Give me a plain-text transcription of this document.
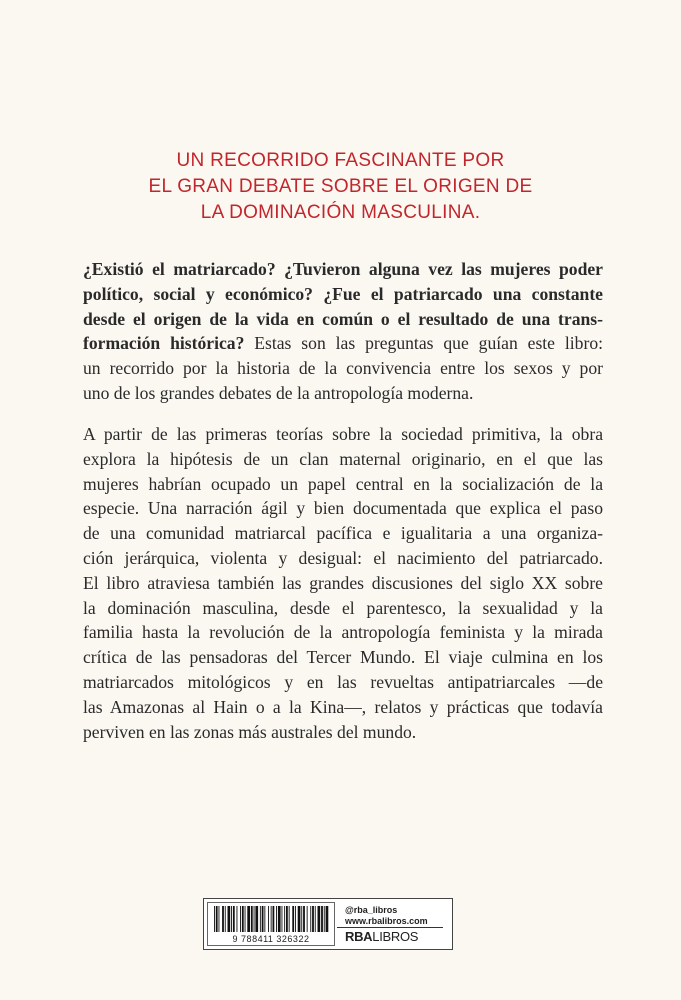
UN RECORRIDO FASCINANTE POR
EL GRAN DEBATE SOBRE EL ORIGEN DE
LA DOMINACIÓN MASCULINA.
¿Existió el matriarcado? ¿Tuvieron alguna vez las mujeres poder
político, social y económico? ¿Fue el patriarcado una constante
desde el origen de la vida en común o el resultado de una trans-
formación histórica? Estas son las preguntas que guían este libro:
un recorrido por la historia de la convivencia entre los sexos y por
uno de los grandes debates de la antropología moderna.
A partir de las primeras teorías sobre la sociedad primitiva, la obra
explora la hipótesis de un clan maternal originario, en el que las
mujeres habrían ocupado un papel central en la socialización de la
especie. Una narración ágil y bien documentada que explica el paso
de una comunidad matriarcal pacífica e igualitaria a una organiza-
ción jerárquica, violenta y desigual: el nacimiento del patriarcado.
El libro atraviesa también las grandes discusiones del siglo XX sobre
la dominación masculina, desde el parentesco, la sexualidad y la
familia hasta la revolución de la antropología feminista y la mirada
crítica de las pensadoras del Tercer Mundo. El viaje culmina en los
matriarcados mitológicos y en las revueltas antipatriarcales —de
las Amazonas al Hain o a la Kina—, relatos y prácticas que todavía
perviven en las zonas más australes del mundo.
9 788411 326322
@rba_libros
www.rbalibros.com
RBALIBROS
